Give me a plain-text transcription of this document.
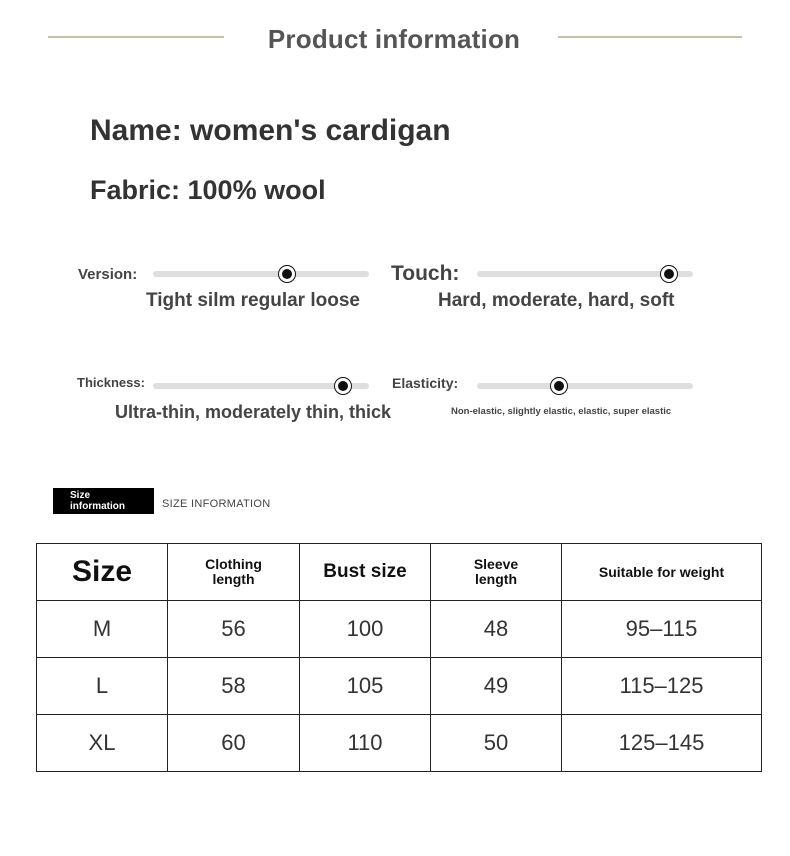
Product information
Name: women's cardigan
Fabric: 100% wool
Version:
Tight silm regular loose
Touch:
Hard, moderate, hard, soft
Thickness:
Ultra-thin, moderately thin, thick
Elasticity:
Non-elastic, slightly elastic, elastic, super elastic
Size
information	SIZE INFORMATION
Size	Clothing length	Bust size	Sleeve length	Suitable for weight
M	56	100	48	95–115
L	58	105	49	115–125
XL	60	110	50	125–145
